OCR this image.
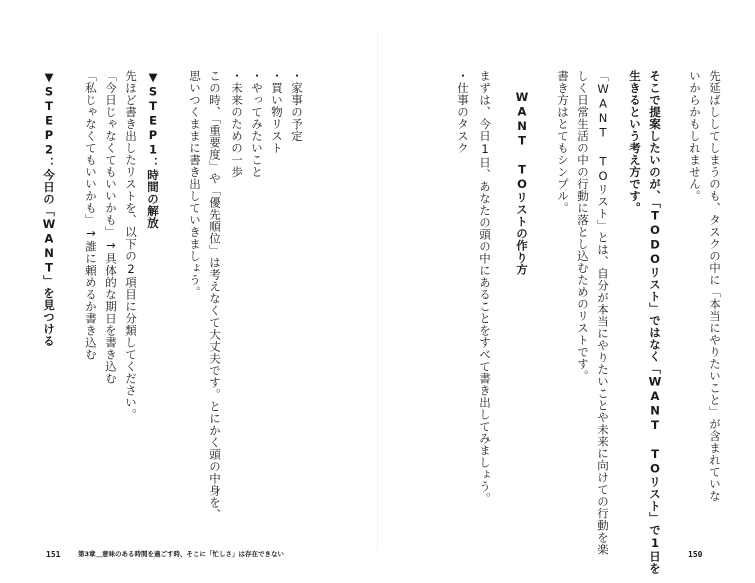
先延ばししてしまうのも、タスクの中に「本当にやりたいこと」が含まれていな
いからかもしれません。
そこで提案したいのが、「TODOリスト」ではなく「WANT TOリスト」で1日を
生きるという考え方です。
「WANT TOリスト」とは、自分が本当にやりたいことや未来に向けての行動を楽
しく日常生活の中の行動に落とし込むためのリストです。
書き方はとてもシンプル。
WANT TOリストの作り方
まずは、今日1日、あなたの頭の中にあることをすべて書き出してみましょう。
・仕事のタスク
150
・家事の予定
・買い物リスト
・やってみたいこと
・未来のための一歩
この時、「重要度」や「優先順位」は考えなくて大丈夫です。とにかく頭の中身を、
思いつくままに書き出していきましょう。
▼STEP1：時間の解放
先ほど書き出したリストを、以下の2項目に分類してください。
「今日じゃなくてもいいかも」→具体的な期日を書き込む
「私じゃなくてもいいかも」→誰に頼めるか書き込む
▼STEP2：今日の「WANT」を見つける
151	第3章＿意味のある時間を過ごす時、そこに「忙しさ」は存在できない
